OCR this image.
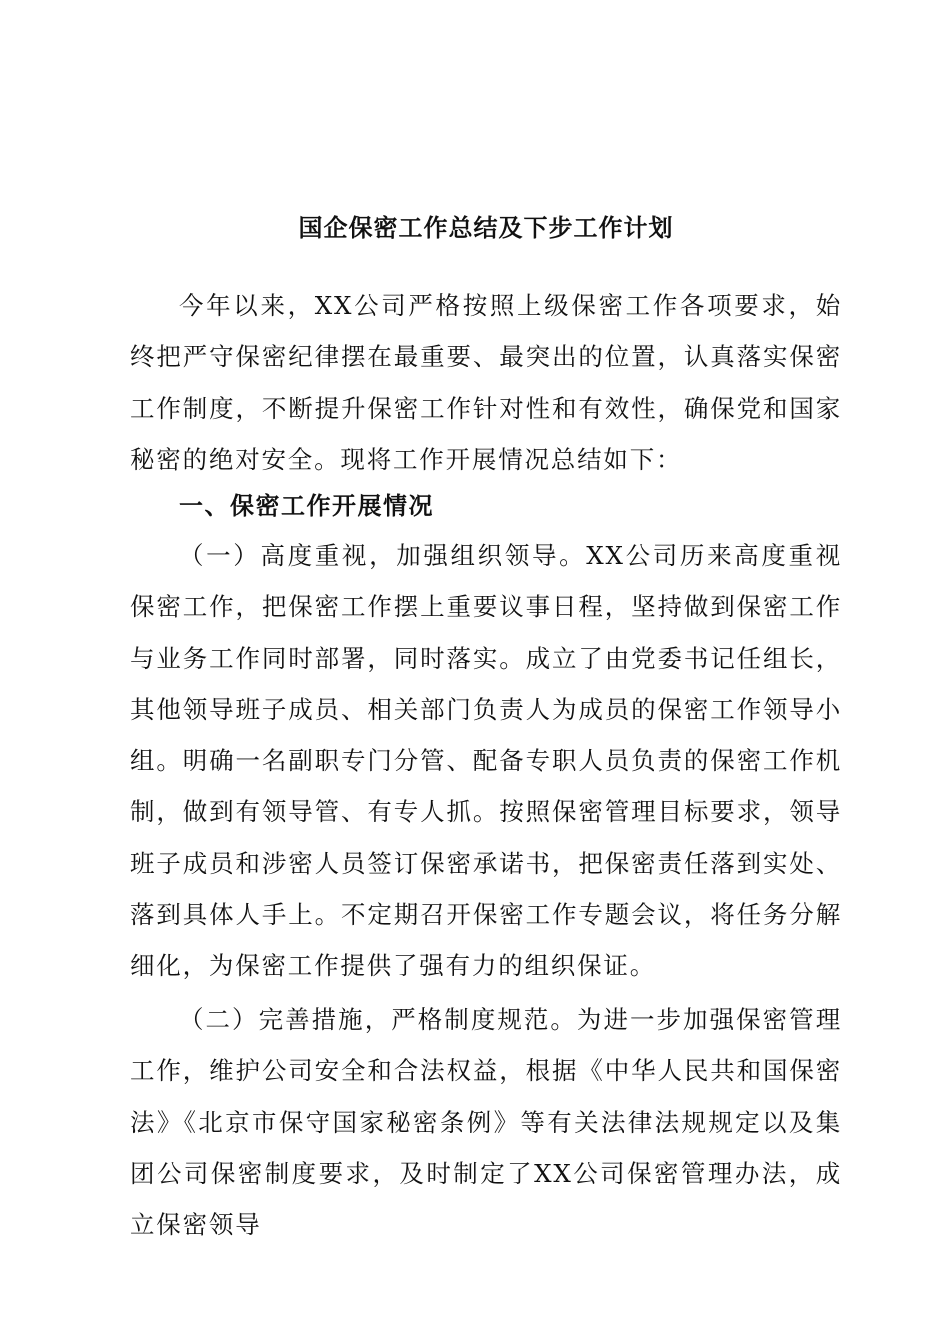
国企保密工作总结及下步工作计划

今年以来，XX公司严格按照上级保密工作各项要求，始终把严守保密纪律摆在最重要、最突出的位置，认真落实保密工作制度，不断提升保密工作针对性和有效性，确保党和国家秘密的绝对安全。现将工作开展情况总结如下：

一、保密工作开展情况

（一）高度重视，加强组织领导。XX公司历来高度重视保密工作，把保密工作摆上重要议事日程，坚持做到保密工作与业务工作同时部署，同时落实。成立了由党委书记任组长，其他领导班子成员、相关部门负责人为成员的保密工作领导小组。明确一名副职专门分管、配备专职人员负责的保密工作机制，做到有领导管、有专人抓。按照保密管理目标要求，领导班子成员和涉密人员签订保密承诺书，把保密责任落到实处、落到具体人手上。不定期召开保密工作专题会议，将任务分解细化，为保密工作提供了强有力的组织保证。

（二）完善措施，严格制度规范。为进一步加强保密管理工作，维护公司安全和合法权益，根据《中华人民共和国保密法》《北京市保守国家秘密条例》等有关法律法规规定以及集团公司保密制度要求，及时制定了XX公司保密管理办法，成立保密领导
